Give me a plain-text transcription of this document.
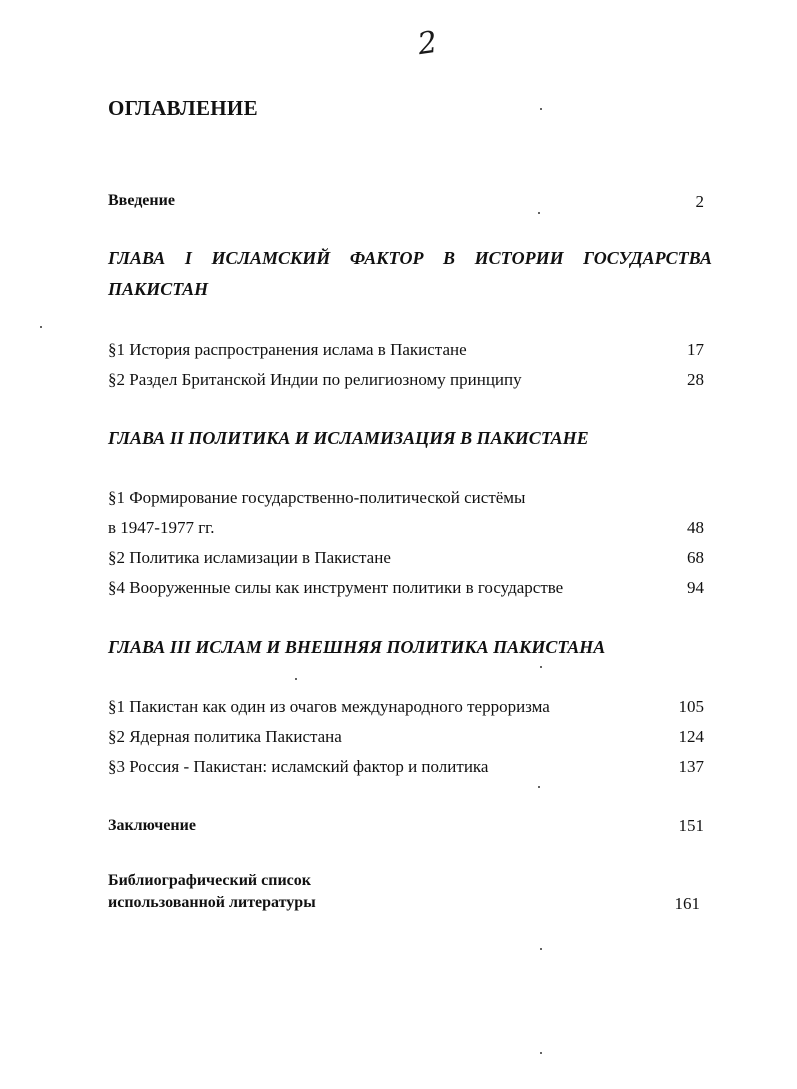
2
ОГЛАВЛЕНИЕ
Введение	2
ГЛАВА I ИСЛАМСКИЙ ФАКТОР В ИСТОРИИ ГОСУДАРСТВА
ПАКИСТАН
§1 История распространения ислама в Пакистане	17
§2 Раздел Британской Индии по религиозному принципу	28
ГЛАВА II ПОЛИТИКА И ИСЛАМИЗАЦИЯ В ПАКИСТАНЕ
§1 Формирование государственно-политической систёмы
в 1947-1977 гг.	48
§2 Политика исламизации в Пакистане	68
§4 Вооруженные силы как инструмент политики в государстве	94
ГЛАВА III ИСЛАМ И ВНЕШНЯЯ ПОЛИТИКА ПАКИСТАНА
§1 Пакистан как один из очагов международного терроризма	105
§2 Ядерная политика Пакистана	124
§3 Россия - Пакистан: исламский фактор и политика	137
Заключение	151
Библиографический список
использованной литературы	161
